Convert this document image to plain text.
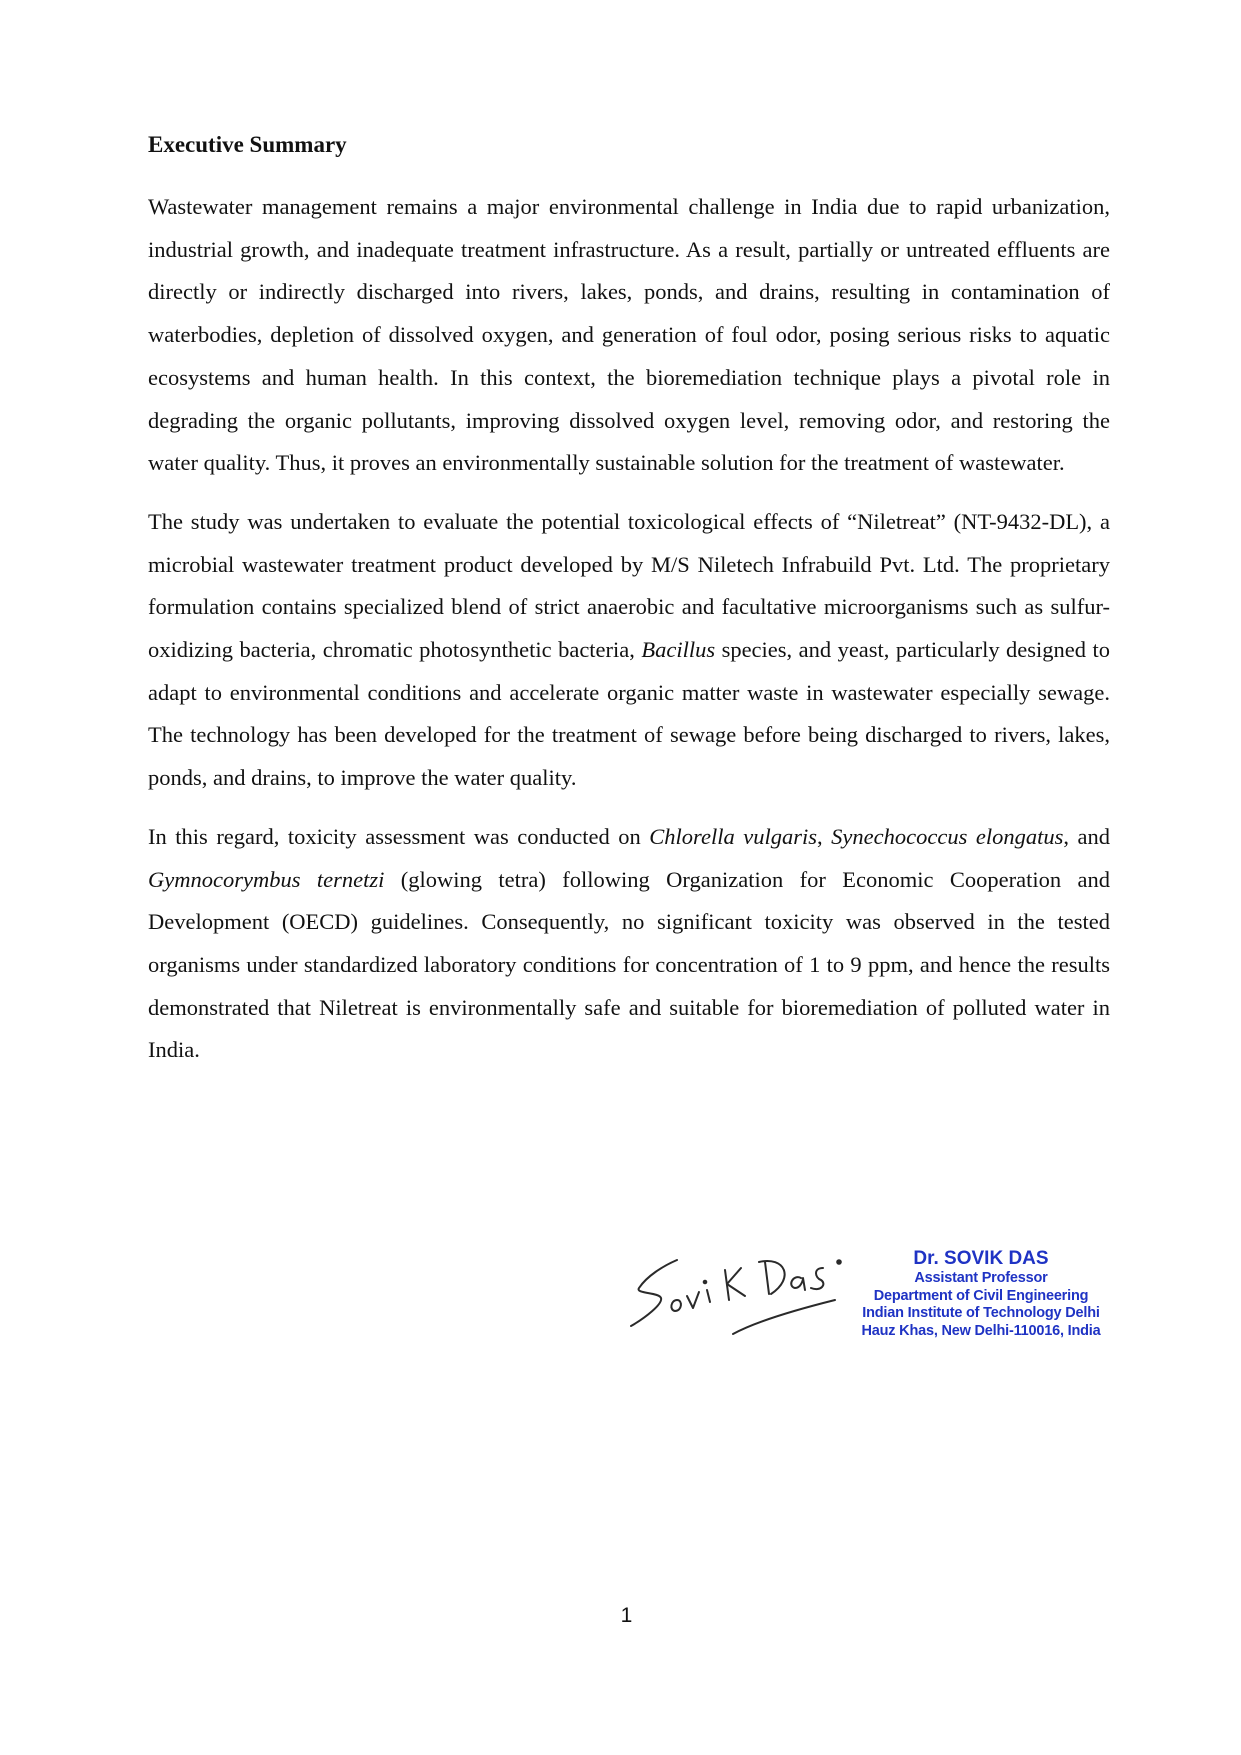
Executive Summary

Wastewater management remains a major environmental challenge in India due to rapid urbanization, industrial growth, and inadequate treatment infrastructure. As a result, partially or untreated effluents are directly or indirectly discharged into rivers, lakes, ponds, and drains, resulting in contamination of waterbodies, depletion of dissolved oxygen, and generation of foul odor, posing serious risks to aquatic ecosystems and human health. In this context, the bioremediation technique plays a pivotal role in degrading the organic pollutants, improving dissolved oxygen level, removing odor, and restoring the water quality. Thus, it proves an environmentally sustainable solution for the treatment of wastewater.

The study was undertaken to evaluate the potential toxicological effects of “Niletreat” (NT-9432-DL), a microbial wastewater treatment product developed by M/S Niletech Infrabuild Pvt. Ltd. The proprietary formulation contains specialized blend of strict anaerobic and facultative microorganisms such as sulfur-oxidizing bacteria, chromatic photosynthetic bacteria, Bacillus species, and yeast, particularly designed to adapt to environmental conditions and accelerate organic matter waste in wastewater especially sewage. The technology has been developed for the treatment of sewage before being discharged to rivers, lakes, ponds, and drains, to improve the water quality.

In this regard, toxicity assessment was conducted on Chlorella vulgaris, Synechococcus elongatus, and Gymnocorymbus ternetzi (glowing tetra) following Organization for Economic Cooperation and Development (OECD) guidelines. Consequently, no significant toxicity was observed in the tested organisms under standardized laboratory conditions for concentration of 1 to 9 ppm, and hence the results demonstrated that Niletreat is environmentally safe and suitable for bioremediation of polluted water in India.

Dr. SOVIK DAS
Assistant Professor
Department of Civil Engineering
Indian Institute of Technology Delhi
Hauz Khas, New Delhi-110016, India
1
